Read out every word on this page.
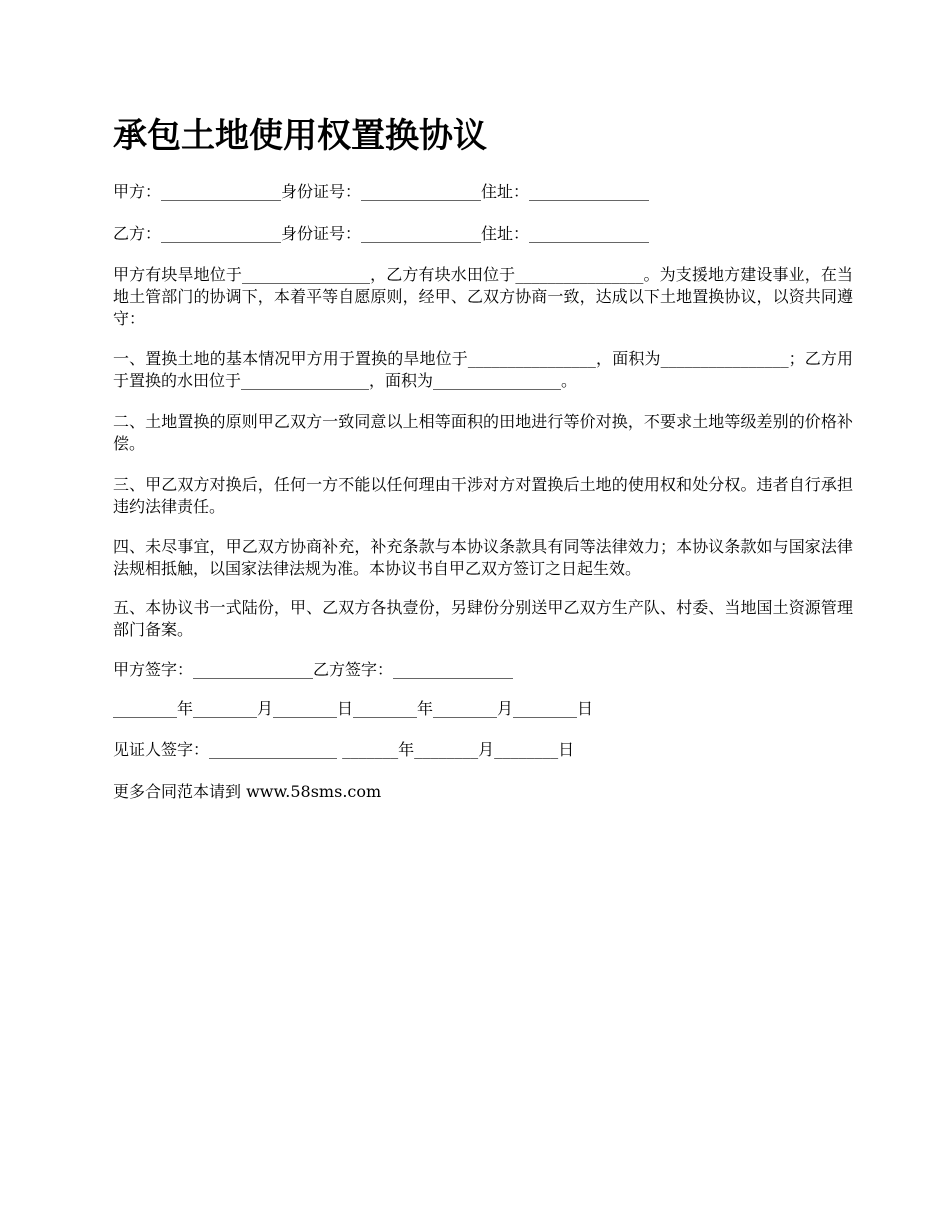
承包土地使用权置换协议

甲方：_______________身份证号：_______________住址：_______________

乙方：_______________身份证号：_______________住址：_______________

甲方有块旱地位于________________，乙方有块水田位于________________。为支援地方建设事业，在当地土管部门的协调下，本着平等自愿原则，经甲、乙双方协商一致，达成以下土地置换协议，以资共同遵守：

一、置换土地的基本情况甲方用于置换的旱地位于________________，面积为________________；乙方用于置换的水田位于________________，面积为________________。

二、土地置换的原则甲乙双方一致同意以上相等面积的田地进行等价对换，不要求土地等级差别的价格补偿。

三、甲乙双方对换后，任何一方不能以任何理由干涉对方对置换后土地的使用权和处分权。违者自行承担违约法律责任。

四、未尽事宜，甲乙双方协商补充，补充条款与本协议条款具有同等法律效力；本协议条款如与国家法律法规相抵触，以国家法律法规为准。本协议书自甲乙双方签订之日起生效。

五、本协议书一式陆份，甲、乙双方各执壹份，另肆份分别送甲乙双方生产队、村委、当地国土资源管理部门备案。

甲方签字：_______________乙方签字：_______________

________年________月________日________年________月________日

见证人签字：________________ _______年________月________日

更多合同范本请到 www.58sms.com
